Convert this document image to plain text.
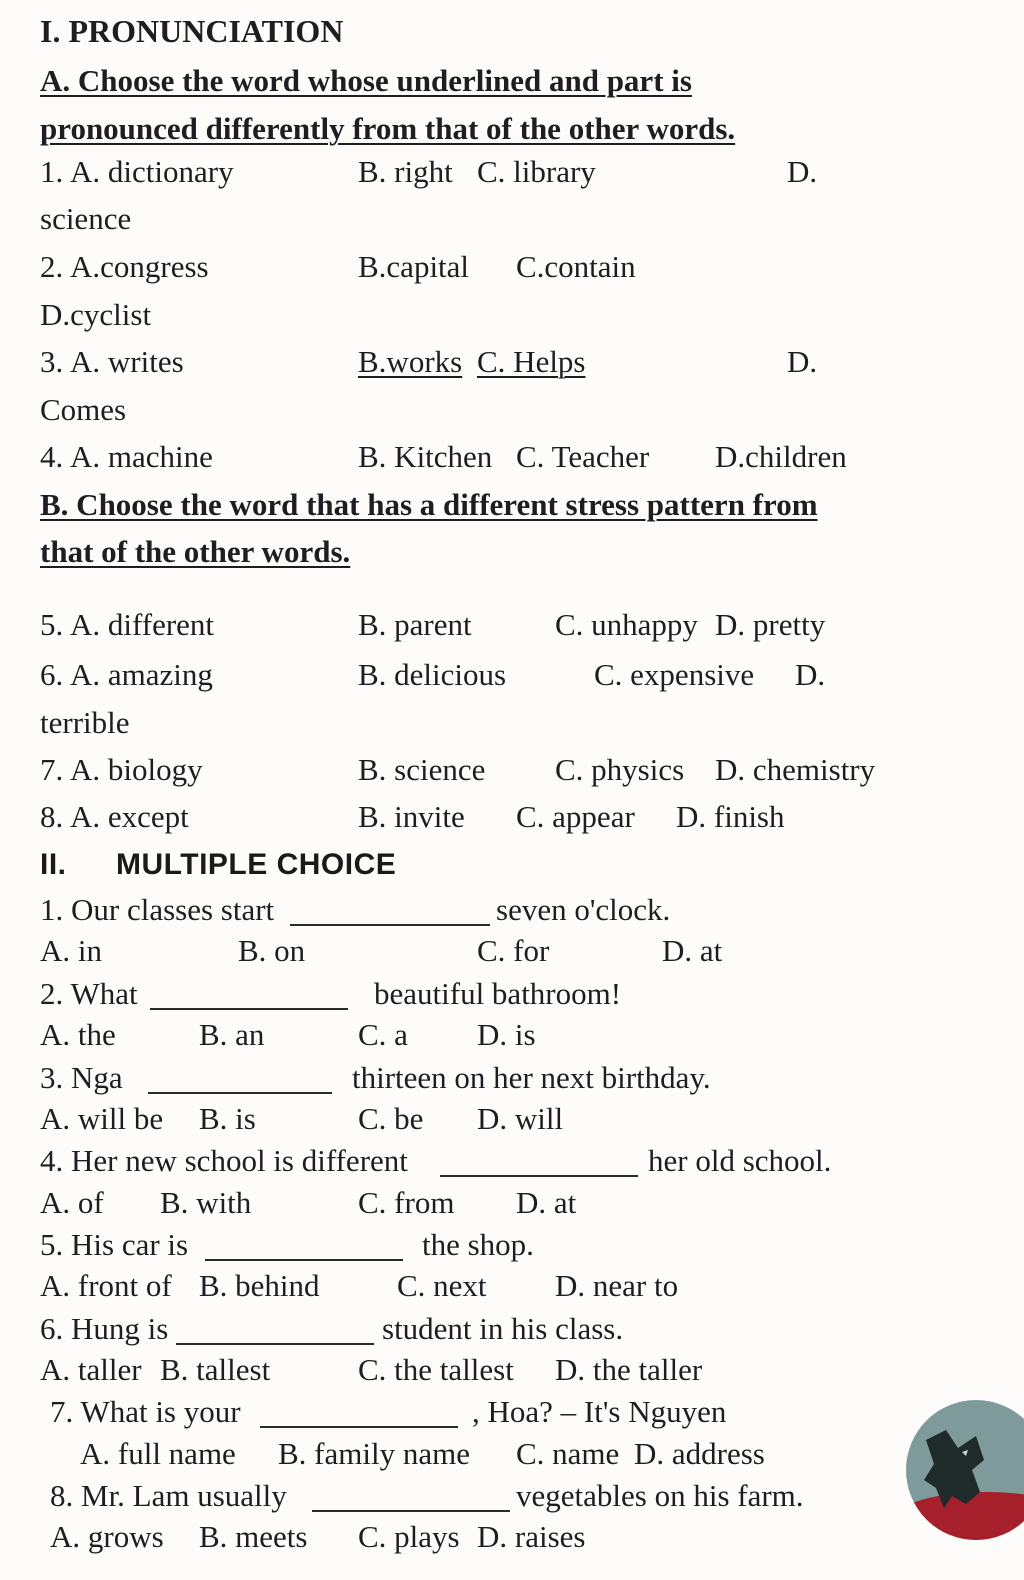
I. PRONUNCIATION
A. Choose the word whose underlined and part is
pronounced differently from that of the other words.
1. A. dictionary	B. right C. library	D.
science
2. A.congress	B.capital C.contain
D.cyclist
3. A. writes	B.works C. Helps	D.
Comes
4. A. machine	B. Kitchen C. Teacher D.children
B. Choose the word that has a different stress pattern from
that of the other words.
5. A. different	B. parent	C. unhappy D. pretty
6. A. amazing	B. delicious	C. expensive D.
terrible
7. A. biology	B. science C. physics D. chemistry
8. A. except	B. invite C. appear D. finish
II. MULTIPLE CHOICE
1. Our classes start	seven o'clock.
A. in	B. on	C. for	D. at
2. What	beautiful bathroom!
A. the	B. an	C. a D. is
3. Nga	thirteen on her next birthday.
A. will be B. is	C. be D. will
4. Her new school is different	her old school.
A. of B. with	C. from D. at
5. His car is	the shop.
A. front of B. behind C. next D. near to
6. Hung is	student in his class.
A. taller B. tallest	C. the tallest D. the taller
7. What is your	, Hoa? – It's Nguyen
A. full name B. family name C. name D. address
8. Mr. Lam usually	vegetables on his farm.
A. grows B. meets C. plays D. raises
